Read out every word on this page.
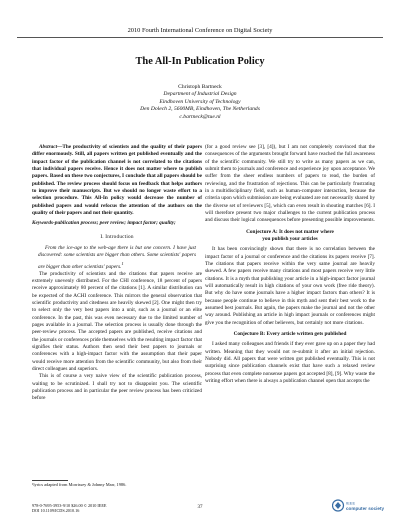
2010 Fourth International Conference on Digital Society
The All-In Publication Policy
Christoph Bartneck
Department of Industrial Design
Eindhoven University of Technology
Den Dolech 2, 5600MB, Eindhoven, The Netherlands
c.bartneck@tue.nl

Abstract—The productivity of scientists and the quality of their papers differ enormously. Still, all papers written get published eventually and the impact factor of the publication channel is not correlated to the citations that individual papers receive. Hence it does not matter where to publish papers. Based on these two conjectures, I conclude that all papers should be published. The review process should focus on feedback that helps authors to improve their manuscripts. But we should no longer waste effort to a selection procedure. This All-In policy would decrease the number of published papers and would refocus the attention of the authors on the quality of their papers and not their quantity.

Keywords-publication process; peer review; impact factor; quality;

I. Introduction

From the ice-age to the web-age there is but one concern. I have just discovered: some scientists are bigger than others. Some scientists' papers are bigger than other scientists' papers.$^1$

The productivity of scientists and the citations that papers receive are extremely unevenly distributed. For the CHI conference, 18 percent of papers receive approximately 80 percent of the citations [1]. A similar distribution can be expected of the ACHI conference. This mirrors the general observation that scientific productivity and citedness are heavily skewed [2]. One might then try to select only the very best papers into a unit, such as a journal or an elite conference. In the past, this was even necessary due to the limited number of pages available in a journal. The selection process is usually done through the peer-review process. The accepted papers are published, receive citations and the journals or conferences pride themselves with the resulting impact factor that signifies their status. Authors then send their best papers to journals or conferences with a high-impact factor with the assumption that their paper would receive more attention from the scientific community, but also from their direct colleagues and superiors.

This is of course a very naive view of the scientific publication process, waiting to be scrutinized. I shall try not to disappoint you. The scientific publication process and in particular the peer review process has been criticized before

(for a good review see [3], [4]), but I am not completely convinced that the consequences of the arguments brought forward have reached the full awareness of the scientific community. We still try to write as many papers as we can, submit them to journals and conference and experience joy upon acceptance. We suffer from the sheer endless numbers of papers to read, the burden of reviewing, and the frustration of rejections. This can be particularly frustrating in a multidisciplinary field, such as human-computer interaction, because the criteria upon which submission are being evaluated are not necessarily shared by the diverse set of reviewers [5], which can even result in shouting matches [6]. I will therefore present two major challenges to the current publication process and discuss their logical consequences before presenting possible improvements.

Conjecture A: It does not matter where
you publish your articles

It has been convincingly shown that there is no correlation between the impact factor of a journal or conference and the citations its papers receive [7]. The citations that papers receive within the very same journal are heavily skewed. A few papers receive many citations and most papers receive very little citations. It is a myth that publishing your article in a high-impact factor journal will automatically result in high citations of your own work (free ride theory). But why do have some journals have a higher impact factors than others? It is because people continue to believe in this myth and sent their best work to the assumed best journals. But again, the papers make the journal and not the other way around. Publishing an article in high impact journals or conferences might give you the recognition of other believers, but certainly not more citations.

Conjecture B: Every article written gets published

I asked many colleagues and friends if they ever gave up on a paper they had written. Meaning that they would not re-submit it after an initial rejection. Nobody did. All papers that were written got published eventually. This is not surprising since publication channels exist that have such a relaxed review process that even complete nonsense papers got accepted [8], [9]. Why waste the writing effort when there is always a publication channel open that accepts the

¹lyrics adapted from Morrissey & Johnny Marr, 1986.
978-0-7695-3953-9/10 $26.00 © 2010 IEEE
DOI 10.1109/ICDS.2010.16
37
IEEE
computer society
